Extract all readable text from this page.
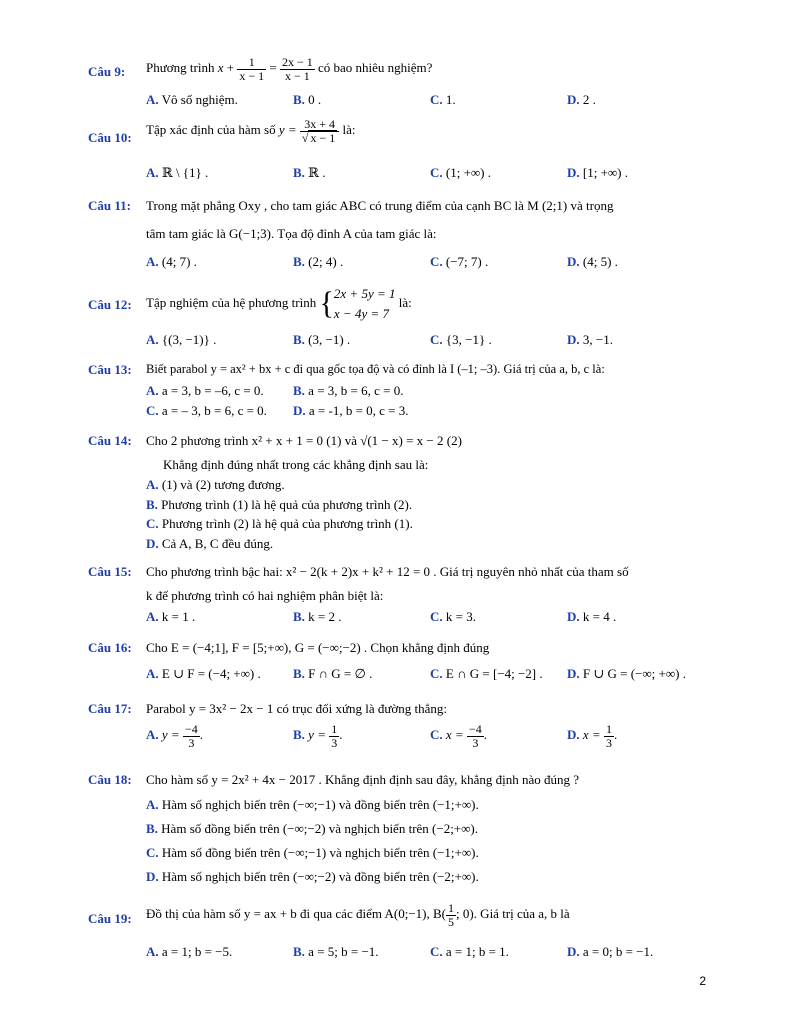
Câu 9: Phương trình $x + \frac{1}{x - 1} = \frac{2x - 1}{x - 1}$ có bao nhiêu nghiệm?
A. Vô số nghiệm.	B. 0 .	C. 1.	D. 2 .
Câu 10:
Tập xác định của hàm số $y = \frac{3x + 4}{√ x - 1}$ là:
A. ℝ \ {1} .	B. ℝ .	C. (1; +∞) .	D. [1; +∞) .
Câu 11: Trong mặt phẳng Oxy , cho tam giác ABC có trung điểm của cạnh BC là M (2;1) và trọng
tâm tam giác là G(−1;3). Tọa độ đỉnh A của tam giác là:
A. (4; 7) .	B. (2; 4) .	C. (−7; 7) .	D. (4; 5) .
Câu 12: Tập nghiệm của hệ phương trình { 2x + 5y = 1
x − 4y = 7
là:
A. {(3, −1)} .	B. (3, −1) .	C. {3, −1} .	D. 3, −1.
Câu 13: Biết parabol y = ax² + bx + c đi qua gốc tọa độ và có đỉnh là I (–1; –3). Giá trị của a, b, c là:
A. a = 3, b = –6, c = 0. B. a = 3, b = 6, c = 0.
C. a = – 3, b = 6, c = 0. D. a = -1, b = 0, c = 3.
Câu 14: Cho 2 phương trình x² + x + 1 = 0 (1) và √(1 − x) = x − 2 (2)
Khẳng định đúng nhất trong các khẳng định sau là:
A. (1) và (2) tương đương.
B. Phương trình (1) là hệ quả của phương trình (2).
C. Phương trình (2) là hệ quả của phương trình (1).
D. Cả A, B, C đều đúng.
Câu 15: Cho phương trình bậc hai: x² − 2(k + 2)x + k² + 12 = 0 . Giá trị nguyên nhỏ nhất của tham số
k để phương trình có hai nghiệm phân biệt là:
A. k = 1 .	B. k = 2 .	C. k = 3.	D. k = 4 .
Câu 16: Cho E = (−4;1], F = [5;+∞), G = (−∞;−2) . Chọn khẳng định đúng
A. E ∪ F = (−4; +∞) . B. F ∩ G = ∅ .	C. E ∩ G = [−4; −2] . D. F ∪ G = (−∞; +∞) .
Câu 17: Parabol y = 3x² − 2x − 1 có trục đối xứng là đường thẳng:
A. $y = \frac{-4}{3}$ .	B. $y = \frac{1}{3}$ .	C. $x = \frac{-4}{3}$ .	D. $x = \frac{1}{3}$ .
Câu 18: Cho hàm số y = 2x² + 4x − 2017 . Khẳng định định sau đây, khẳng định nào đúng ?
A. Hàm số nghịch biến trên (−∞;−1) và đồng biến trên (−1;+∞).
B. Hàm số đồng biến trên (−∞;−2) và nghịch biến trên (−2;+∞).
C. Hàm số đồng biến trên (−∞;−1) và nghịch biến trên (−1;+∞).
D. Hàm số nghịch biến trên (−∞;−2) và đồng biến trên (−2;+∞).
Câu 19: Đồ thị của hàm số y = ax + b đi qua các điểm A(0;−1), $B( \frac{1}{5}$ ; 0). Giá trị của a, b là
A. a = 1; b = −5.	B. a = 5; b = −1.	C. a = 1; b = 1.	D. a = 0; b = −1.
2
